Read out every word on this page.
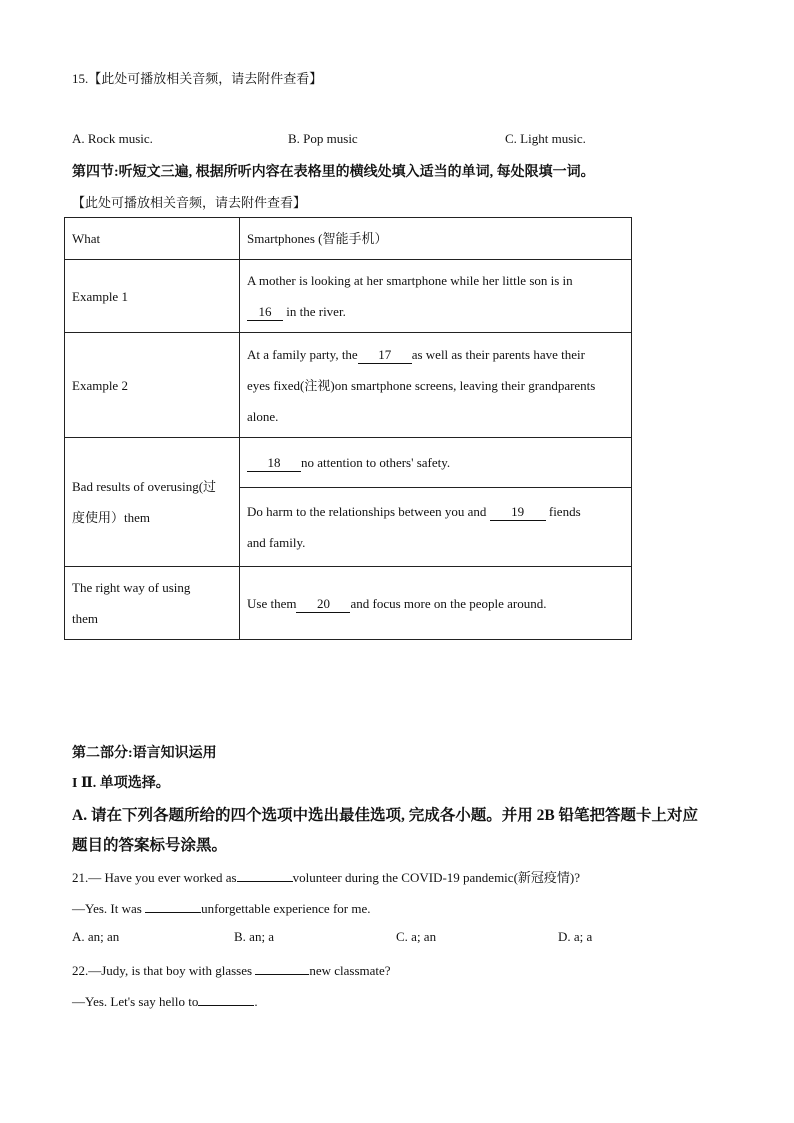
15.【此处可播放相关音频，请去附件查看】
A. Rock music.	B. Pop music	C. Light music.
第四节:听短文三遍, 根据所听内容在表格里的横线处填入适当的单词, 每处限填一词。
【此处可播放相关音频，请去附件查看】
What	Smartphones (智能手机）
Example 1	A mother is looking at her smartphone while her little son is in
16 in the river.
Example 2	At a family party, the 17 as well as their parents have their
eyes fixed(注视)on smartphone screens, leaving their grandparents
alone.
Bad results of overusing(过
度使用）them	18 no attention to others' safety.
	Do harm to the relationships between you and 19 fiends
and family.
The right way of using
them	Use them 20 and focus more on the people around.
第二部分:语言知识运用
I Ⅱ. 单项选择。
A. 请在下列各题所给的四个选项中选出最佳选项, 完成各小题。并用 2B 铅笔把答题卡上对应
题目的答案标号涂黑。
21.— Have you ever worked as	volunteer during the COVID-19 pandemic(新冠疫情)?
—Yes. It was	unforgettable experience for me.
A. an; an	B. an; a	C. a; an	D. a; a
22.—Judy, is that boy with glasses	new classmate?
—Yes. Let's say hello to	.
